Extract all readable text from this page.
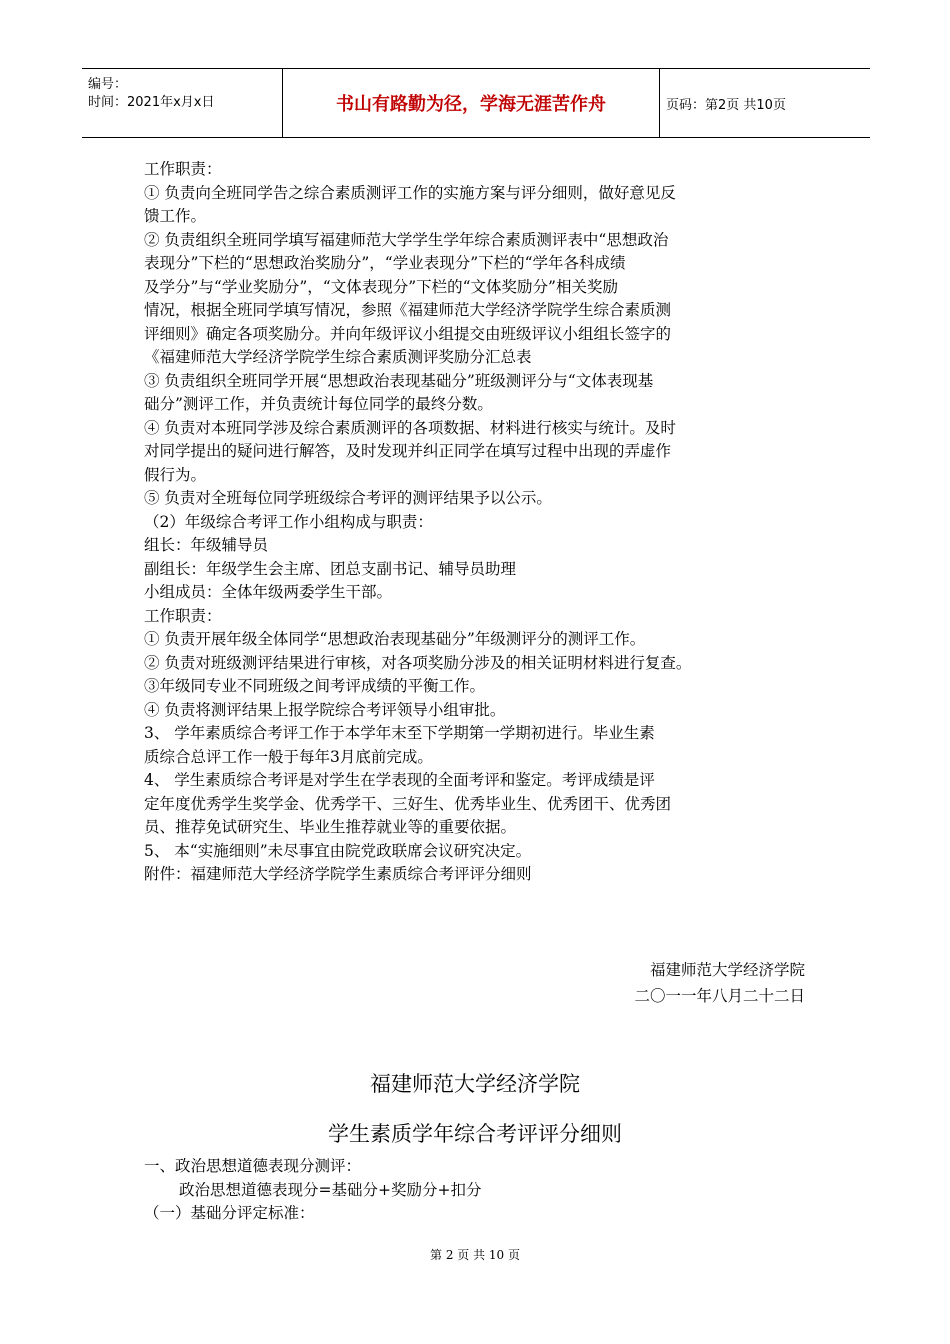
编号：
时间：2021年x月x日	书山有路勤为径，学海无涯苦作舟	页码：第2页 共10页

工作职责：

① 负责向全班同学告之综合素质测评工作的实施方案与评分细则，做好意见反

馈工作。

② 负责组织全班同学填写福建师范大学学生学年综合素质测评表中“思想政治

表现分”下栏的“思想政治奖励分”，“学业表现分”下栏的“学年各科成绩

及学分”与“学业奖励分”，“文体表现分”下栏的“文体奖励分”相关奖励

情况，根据全班同学填写情况，参照《福建师范大学经济学院学生综合素质测

评细则》确定各项奖励分。并向年级评议小组提交由班级评议小组组长签字的

《福建师范大学经济学院学生综合素质测评奖励分汇总表

③ 负责组织全班同学开展“思想政治表现基础分”班级测评分与“文体表现基

础分”测评工作，并负责统计每位同学的最终分数。

④ 负责对本班同学涉及综合素质测评的各项数据、材料进行核实与统计。及时

对同学提出的疑问进行解答，及时发现并纠正同学在填写过程中出现的弄虚作

假行为。

⑤ 负责对全班每位同学班级综合考评的测评结果予以公示。

（2）年级综合考评工作小组构成与职责：

组长：年级辅导员

副组长：年级学生会主席、团总支副书记、辅导员助理

小组成员：全体年级两委学生干部。

工作职责：

① 负责开展年级全体同学“思想政治表现基础分”年级测评分的测评工作。

② 负责对班级测评结果进行审核，对各项奖励分涉及的相关证明材料进行复查。

③年级同专业不同班级之间考评成绩的平衡工作。

④ 负责将测评结果上报学院综合考评领导小组审批。

3、 学年素质综合考评工作于本学年末至下学期第一学期初进行。毕业生素

质综合总评工作一般于每年3月底前完成。

4、 学生素质综合考评是对学生在学表现的全面考评和鉴定。考评成绩是评

定年度优秀学生奖学金、优秀学干、三好生、优秀毕业生、优秀团干、优秀团

员、推荐免试研究生、毕业生推荐就业等的重要依据。

5、 本“实施细则”未尽事宜由院党政联席会议研究决定。

附件：福建师范大学经济学院学生素质综合考评评分细则

福建师范大学经济学院
二〇一一年八月二十二日
福建师范大学经济学院
学生素质学年综合考评评分细则

一、政治思想道德表现分测评：

政治思想道德表现分=基础分+奖励分+扣分

（一）基础分评定标准：

第 2 页 共 10 页
